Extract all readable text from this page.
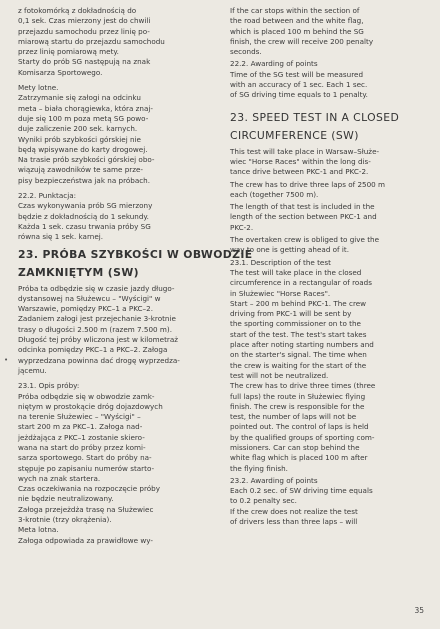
z fotokomórką z dokładnością do

0,1 sek. Czas mierzony jest do chwili

przejazdu samochodu przez linię po-

miarową startu do przejazdu samochodu

przez linię pomiarową mety.

Starty do prób SG następują na znak

Komisarza Sportowego.

Mety lotne.

Zatrzymanie się załogi na odcinku

meta – biała chorągiewka, która znaj-

duje się 100 m poza metą SG powo-

duje zaliczenie 200 sek. karnych.

Wyniki prób szybkości górskiej nie

będą wpisywane do karty drogowej.

Na trasie prób szybkości górskiej obo-

wiązują zawodników te same prze-

pisy bezpieczeństwa jak na próbach.

22.2. Punktacja:

Czas wykonywania prób SG mierzony

będzie z dokładnością do 1 sekundy.

Każda 1 sek. czasu trwania próby SG

równa się 1 sek. karnej.

23. PRÓBA SZYBKOŚCI W OBWODZIE
ZAMKNIĘTYM (SW)

Próba ta odbędzie się w czasie jazdy długo-

dystansowej na Służewcu – "Wyścigi" w

Warszawie, pomiędzy PKC–1 a PKC–2.

Zadaniem załogi jest przejechanie 3-krotnie

trasy o długości 2.500 m (razem 7.500 m).

Długość tej próby wliczona jest w kilometraż

odcinka pomiędzy PKC–1 a PKC–2. Załoga

wyprzedzana powinna dać drogę wyprzedza-

jącemu.

23.1. Opis próby:

Próba odbędzie się w obwodzie zamk-

niętym w prostokącie dróg dojazdowych

na terenie Służewiec – "Wyścigi" –

start 200 m za PKC–1. Załoga nad-

jeżdżająca z PKC–1 zostanie skiero-

wana na start do próby przez komi-

sarza sportowego. Start do próby na-

stępuje po zapisaniu numerów starto-

wych na znak startera.

Czas oczekiwania na rozpoczęcie próby

nie będzie neutralizowany.

Załoga przejeżdża trasę na Służewiec

3-krotnie (trzy okrążenia).

Meta lotna.

Załoga odpowiada za prawidłowe wy-

If the car stops within the section of

the road between and the white flag,

which is placed 100 m behind the SG

finish, the crew will receive 200 penalty

seconds.

22.2. Awarding of points

Time of the SG test will be measured

with an accuracy of 1 sec. Each 1 sec.

of SG driving time equals to 1 penalty.

23. SPEED TEST IN A CLOSED
CIRCUMFERENCE (SW)

This test will take place in Warsaw–Służe-

wiec "Horse Races" within the long dis-

tance drive between PKC-1 and PKC-2.

The crew has to drive three laps of 2500 m

each (together 7500 m).

The length of that test is included in the

length of the section between PKC-1 and

PKC-2.

The overtaken crew is obliged to give the

way to one is getting ahead of it.

23.1. Description of the test

The test will take place in the closed

circumference in a rectangular of roads

in Służewiec "Horse Races".

Start – 200 m behind PKC-1. The crew

driving from PKC-1 will be sent by

the sporting commissioner on to the

start of the test. The test's start takes

place after noting starting numbers and

on the starter's signal. The time when

the crew is waiting for the start of the

test will not be neutralized.

The crew has to drive three times (three

full laps) the route in Służewiec flying

finish. The crew is responsible for the

test, the number of laps will not be

pointed out. The control of laps is held

by the qualified groups of sporting com-

missioners. Car can stop behind the

white flag which is placed 100 m after

the flying finish.

23.2. Awarding of points

Each 0.2 sec. of SW driving time equals

to 0.2 penalty sec.

If the crew does not realize the test

of drivers less than three laps – will

•
35
